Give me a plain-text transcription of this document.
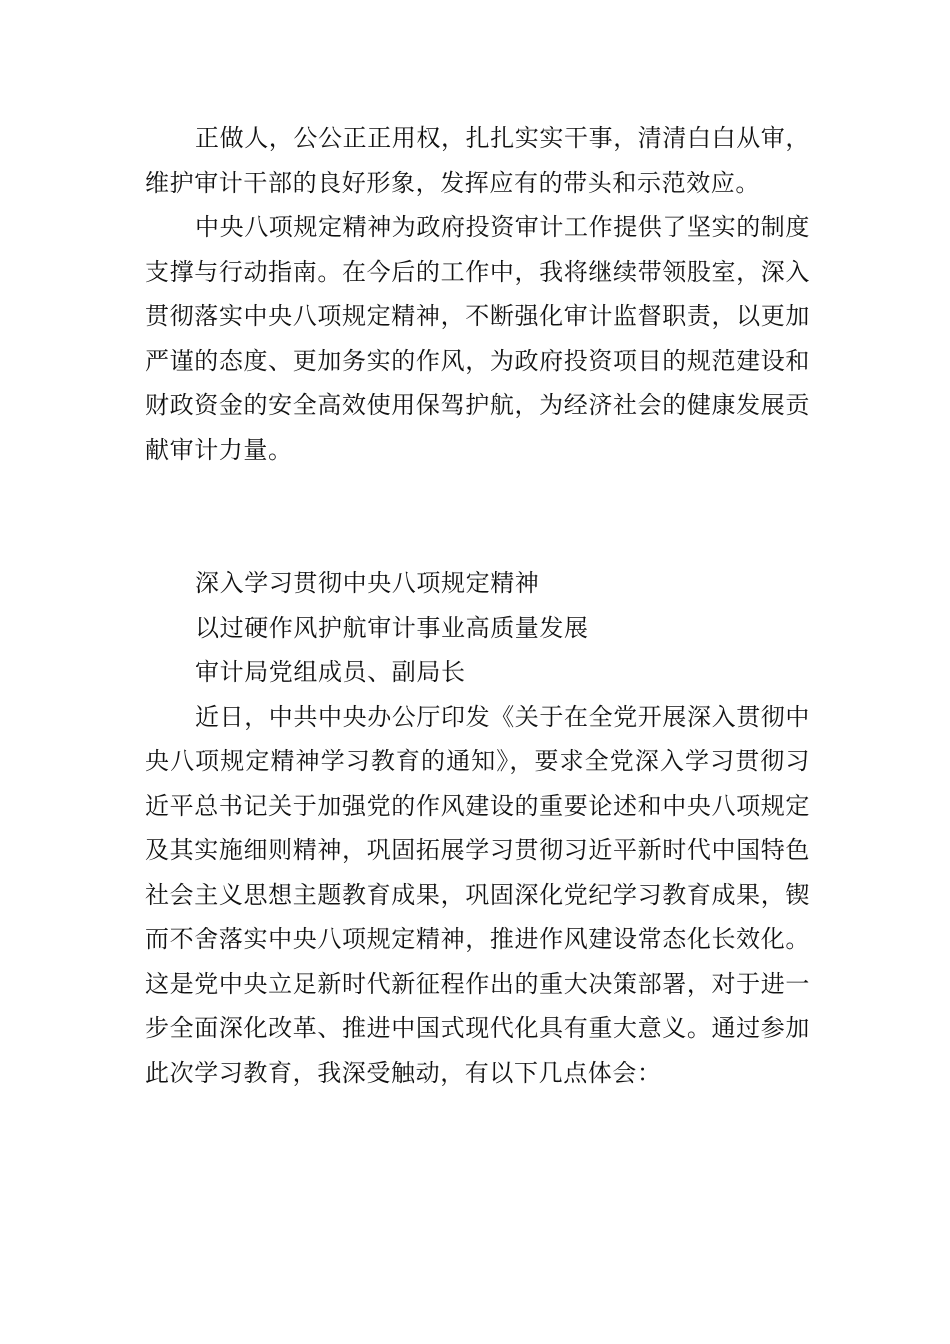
正做人，公公正正用权，扎扎实实干事，清清白白从审，维护审计干部的良好形象，发挥应有的带头和示范效应。

中央八项规定精神为政府投资审计工作提供了坚实的制度支撑与行动指南。在今后的工作中，我将继续带领股室，深入贯彻落实中央八项规定精神，不断强化审计监督职责，以更加严谨的态度、更加务实的作风，为政府投资项目的规范建设和财政资金的安全高效使用保驾护航，为经济社会的健康发展贡献审计力量。

深入学习贯彻中央八项规定精神

以过硬作风护航审计事业高质量发展

审计局党组成员、副局长

近日，中共中央办公厅印发《关于在全党开展深入贯彻中央八项规定精神学习教育的通知》，要求全党深入学习贯彻习近平总书记关于加强党的作风建设的重要论述和中央八项规定及其实施细则精神，巩固拓展学习贯彻习近平新时代中国特色社会主义思想主题教育成果，巩固深化党纪学习教育成果，锲而不舍落实中央八项规定精神，推进作风建设常态化长效化。这是党中央立足新时代新征程作出的重大决策部署，对于进一步全面深化改革、推进中国式现代化具有重大意义。通过参加此次学习教育，我深受触动，有以下几点体会：
